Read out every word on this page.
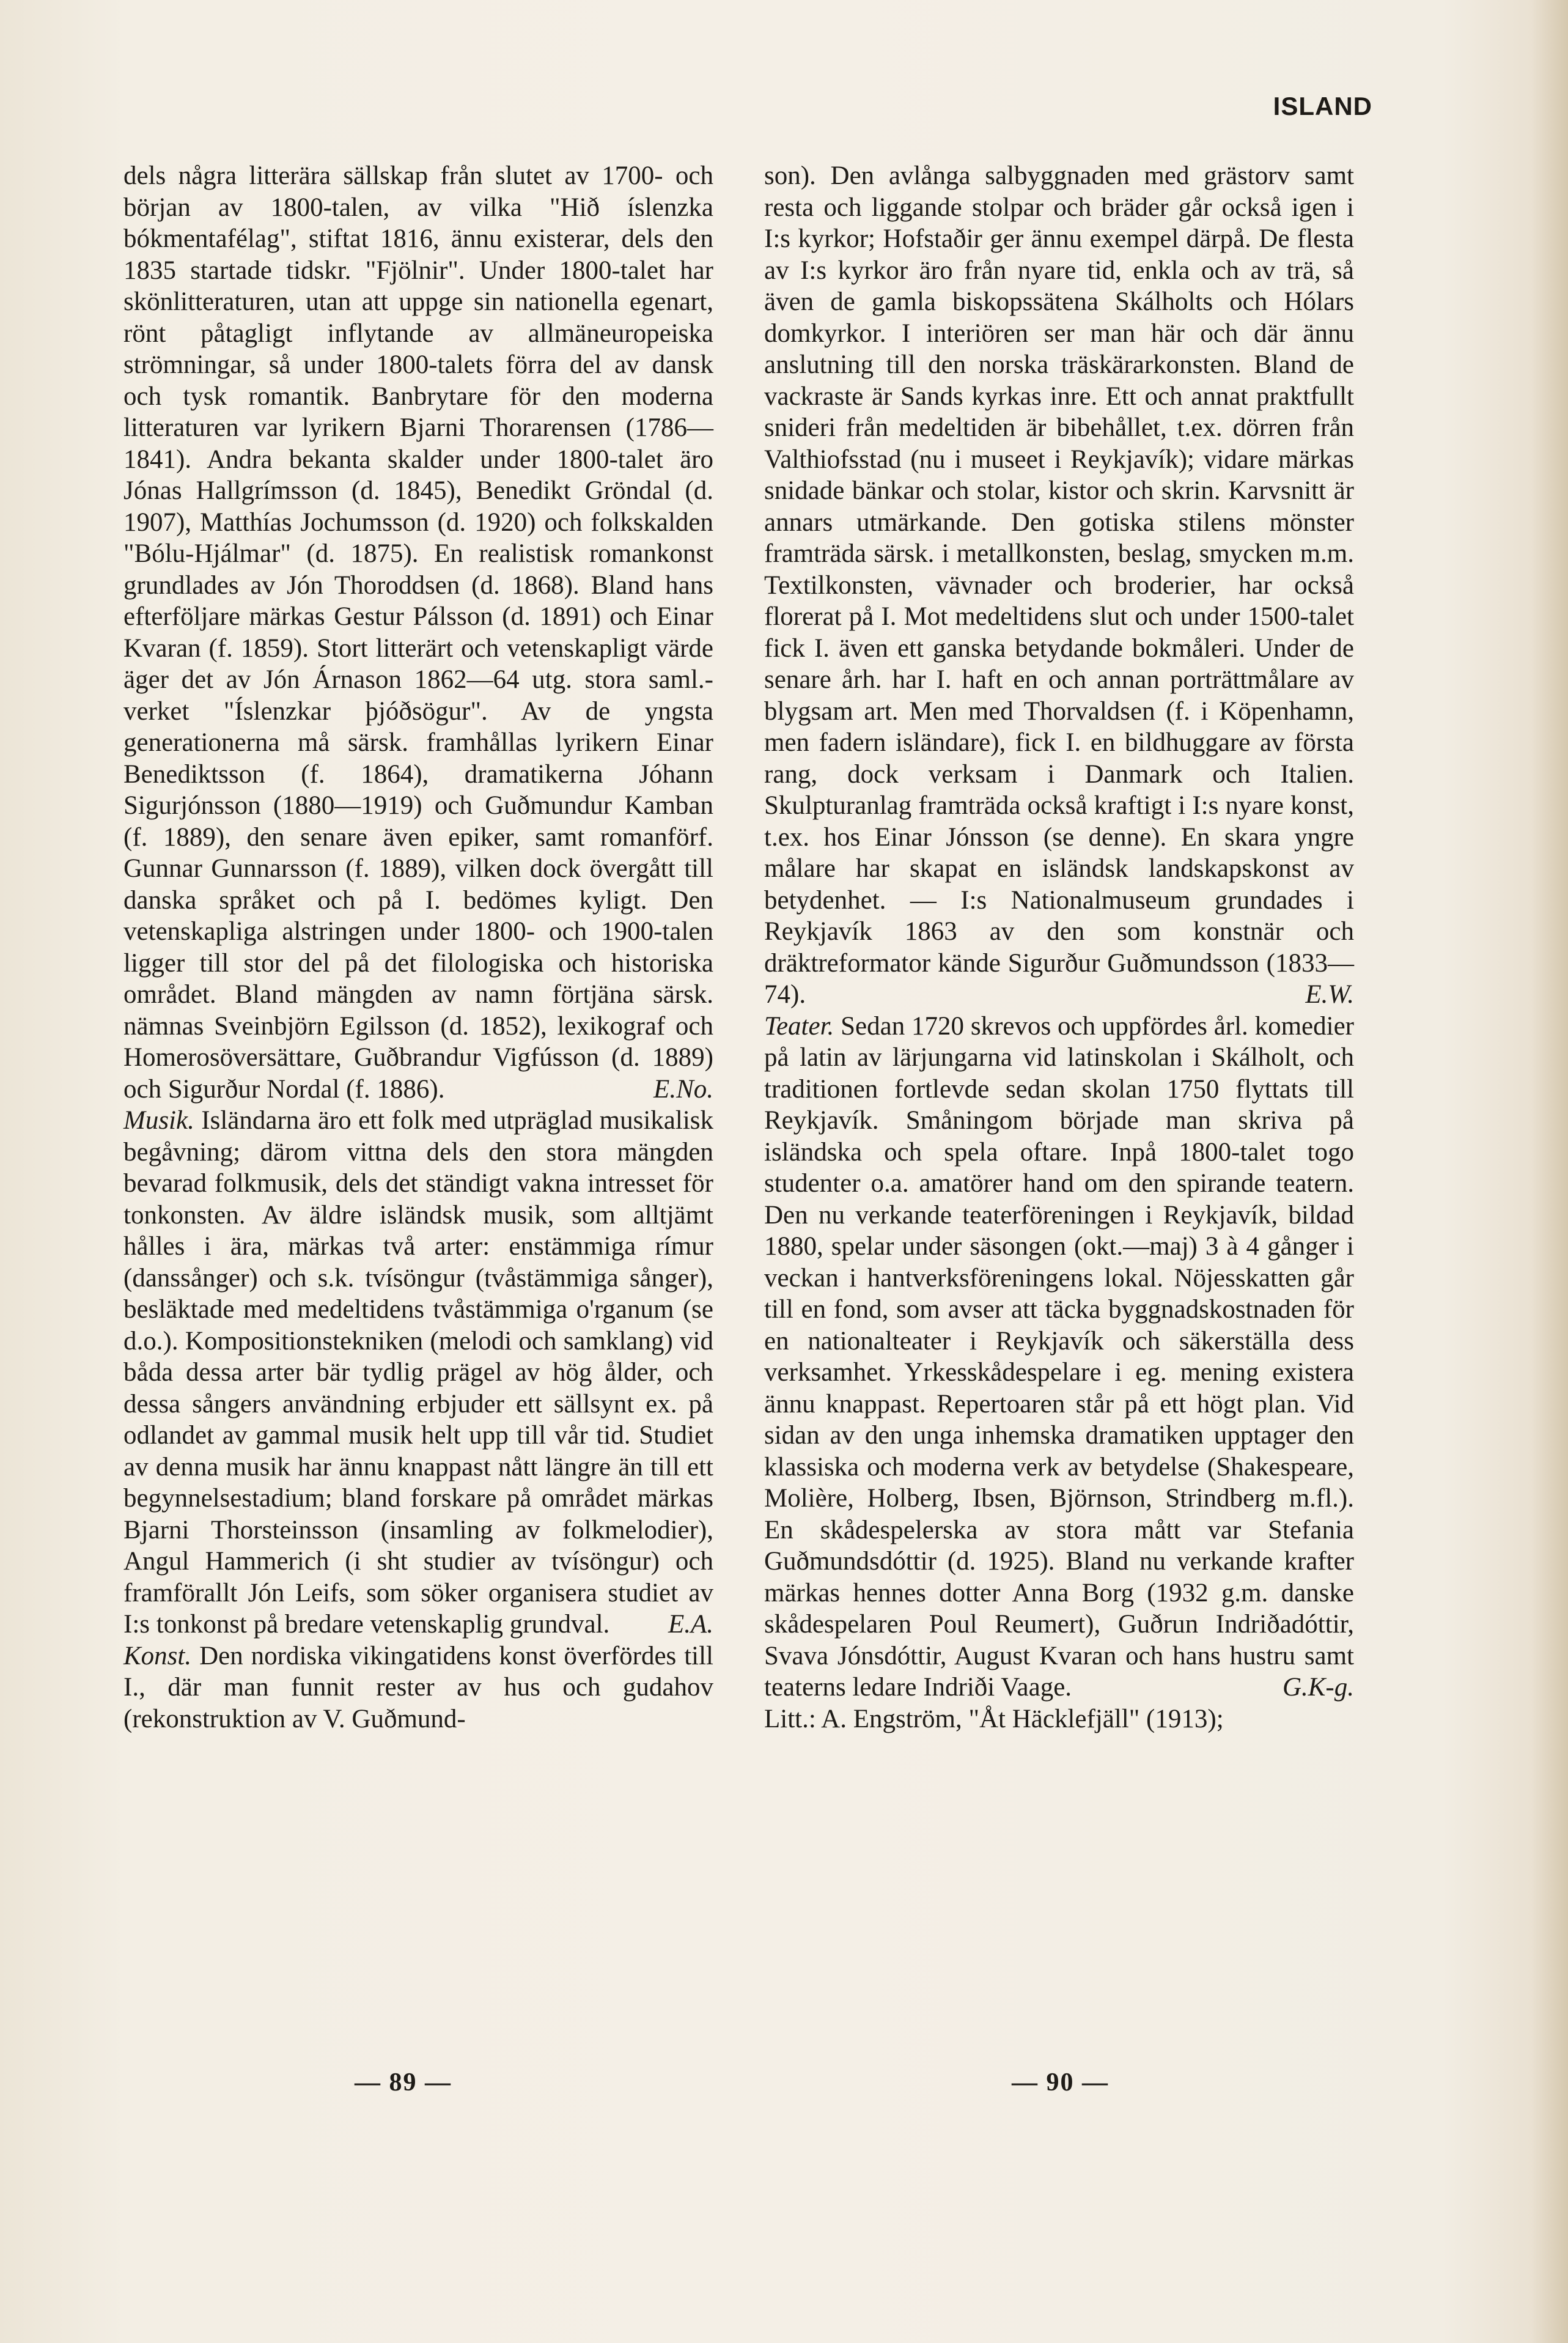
ISLAND

dels några litterära sällskap från slutet av 1700- och början av 1800-talen, av vilka "Hið íslenzka bókmentafélag", stiftat 1816, ännu existerar, dels den 1835 startade tidskr. "Fjölnir". Under 1800-talet har skönlitteraturen, utan att uppge sin nationella egenart, rönt påtagligt inflytande av allmäneuropeiska strömningar, så under 1800-talets förra del av dansk och tysk romantik. Banbrytare för den moderna litteraturen var lyrikern Bjarni Thorarensen (1786—1841). Andra bekanta skalder under 1800-talet äro Jónas Hallgrímsson (d. 1845), Benedikt Gröndal (d. 1907), Matthías Jochumsson (d. 1920) och folkskalden "Bólu-Hjálmar" (d. 1875). En realistisk romankonst grundlades av Jón Thoroddsen (d. 1868). Bland hans efterföljare märkas Gestur Pálsson (d. 1891) och Einar Kvaran (f. 1859). Stort litterärt och vetenskapligt värde äger det av Jón Árnason 1862—64 utg. stora saml.-verket "Íslenzkar þjóðsögur". Av de yngsta generationerna må särsk. framhållas lyrikern Einar Benediktsson (f. 1864), dramatikerna Jóhann Sigurjónsson (1880—1919) och Guðmundur Kamban (f. 1889), den senare även epiker, samt romanförf. Gunnar Gunnarsson (f. 1889), vilken dock övergått till danska språket och på I. bedömes kyligt. Den vetenskapliga alstringen under 1800- och 1900-talen ligger till stor del på det filologiska och historiska området. Bland mängden av namn förtjäna särsk. nämnas Sveinbjörn Egilsson (d. 1852), lexikograf och Homerosöversättare, Guðbrandur Vigfússon (d. 1889) och Sigurður Nordal (f. 1886).	E.No.

Musik. Isländarna äro ett folk med utpräglad musikalisk begåvning; därom vittna dels den stora mängden bevarad folkmusik, dels det ständigt vakna intresset för tonkonsten. Av äldre isländsk musik, som alltjämt hålles i ära, märkas två arter: enstämmiga rímur (danssånger) och s.k. tvísöngur (tvåstämmiga sånger), besläktade med medeltidens tvåstämmiga o'rganum (se d.o.). Kompositionstekniken (melodi och samklang) vid båda dessa arter bär tydlig prägel av hög ålder, och dessa sångers användning erbjuder ett sällsynt ex. på odlandet av gammal musik helt upp till vår tid. Studiet av denna musik har ännu knappast nått längre än till ett begynnelsestadium; bland forskare på området märkas Bjarni Thorsteinsson (insamling av folkmelodier), Angul Hammerich (i sht studier av tvísöngur) och framförallt Jón Leifs, som söker organisera studiet av I:s tonkonst på bredare vetenskaplig grundval.	E.A.

Konst. Den nordiska vikingatidens konst överfördes till I., där man funnit rester av hus och gudahov (rekonstruktion av V. Guðmund-

son). Den avlånga salbyggnaden med grästorv samt resta och liggande stolpar och bräder går också igen i I:s kyrkor; Hofstaðir ger ännu exempel därpå. De flesta av I:s kyrkor äro från nyare tid, enkla och av trä, så även de gamla biskopssätena Skálholts och Hólars domkyrkor. I interiören ser man här och där ännu anslutning till den norska träskärarkonsten. Bland de vackraste är Sands kyrkas inre. Ett och annat praktfullt snideri från medeltiden är bibehållet, t.ex. dörren från Valthiofsstad (nu i museet i Reykjavík); vidare märkas snidade bänkar och stolar, kistor och skrin. Karvsnitt är annars utmärkande. Den gotiska stilens mönster framträda särsk. i metallkonsten, beslag, smycken m.m. Textilkonsten, vävnader och broderier, har också florerat på I. Mot medeltidens slut och under 1500-talet fick I. även ett ganska betydande bokmåleri. Under de senare årh. har I. haft en och annan porträttmålare av blygsam art. Men med Thorvaldsen (f. i Köpenhamn, men fadern isländare), fick I. en bildhuggare av första rang, dock verksam i Danmark och Italien. Skulpturanlag framträda också kraftigt i I:s nyare konst, t.ex. hos Einar Jónsson (se denne). En skara yngre målare har skapat en isländsk landskapskonst av betydenhet. — I:s Nationalmuseum grundades i Reykjavík 1863 av den som konstnär och dräktreformator kände Sigurður Guðmundsson (1833—74).	E.W.

Teater. Sedan 1720 skrevos och uppfördes årl. komedier på latin av lärjungarna vid latinskolan i Skálholt, och traditionen fortlevde sedan skolan 1750 flyttats till Reykjavík. Småningom började man skriva på isländska och spela oftare. Inpå 1800-talet togo studenter o.a. amatörer hand om den spirande teatern. Den nu verkande teaterföreningen i Reykjavík, bildad 1880, spelar under säsongen (okt.—maj) 3 à 4 gånger i veckan i hantverksföreningens lokal. Nöjesskatten går till en fond, som avser att täcka byggnadskostnaden för en nationalteater i Reykjavík och säkerställa dess verksamhet. Yrkesskådespelare i eg. mening existera ännu knappast. Repertoaren står på ett högt plan. Vid sidan av den unga inhemska dramatiken upptager den klassiska och moderna verk av betydelse (Shakespeare, Molière, Holberg, Ibsen, Björnson, Strindberg m.fl.). En skådespelerska av stora mått var Stefania Guðmundsdóttir (d. 1925). Bland nu verkande krafter märkas hennes dotter Anna Borg (1932 g.m. danske skådespelaren Poul Reumert), Guðrun Indriðadóttir, Svava Jónsdóttir, August Kvaran och hans hustru samt teaterns ledare Indriði Vaage.	G.K-g.

Litt.: A. Engström, "Åt Häcklefjäll" (1913);

— 89 —	— 90 —
